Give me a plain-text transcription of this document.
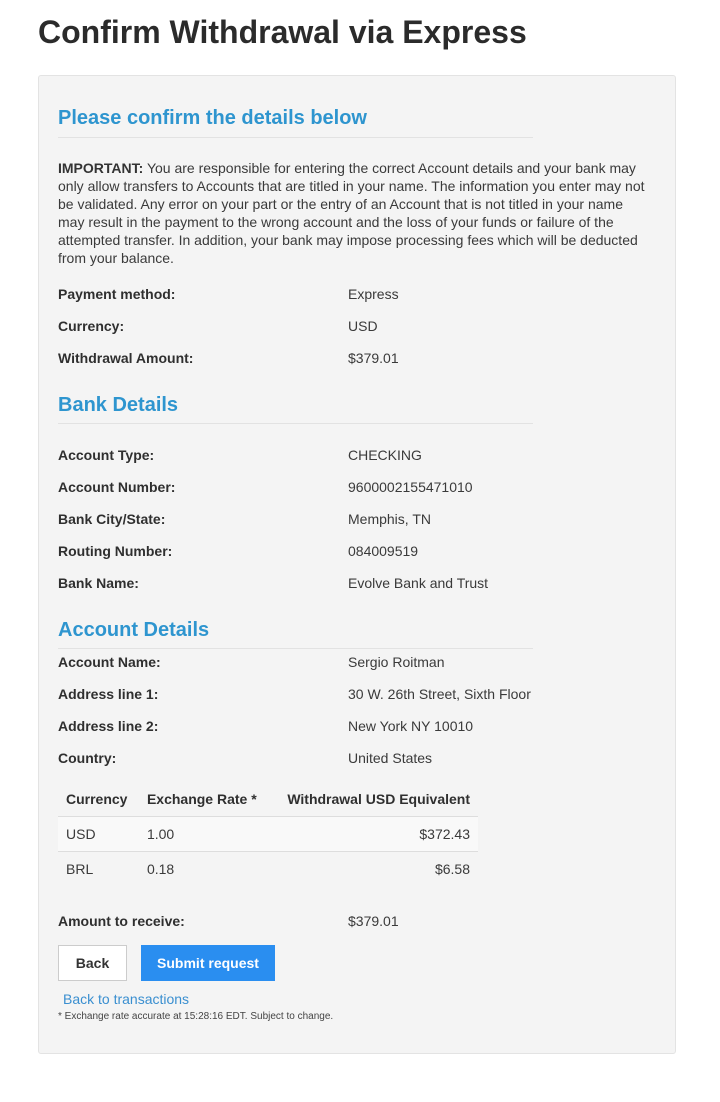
Confirm Withdrawal via Express
Please confirm the details below

IMPORTANT: You are responsible for entering the correct Account details and your bank may only allow transfers to Accounts that are titled in your name. The information you enter may not be validated. Any error on your part or the entry of an Account that is not titled in your name may result in the payment to the wrong account and the loss of your funds or failure of the attempted transfer. In addition, your bank may impose processing fees which will be deducted from your balance.

Payment method:	Express
Currency:	USD
Withdrawal Amount:	$379.01
Bank Details
Account Type:	CHECKING
Account Number:	9600002155471010
Bank City/State:	Memphis, TN
Routing Number:	084009519
Bank Name:	Evolve Bank and Trust
Account Details
Account Name:	Sergio Roitman
Address line 1:	30 W. 26th Street, Sixth Floor
Address line 2:	New York NY 10010
Country:	United States
Currency	Exchange Rate *	Withdrawal USD Equivalent
USD	1.00	$372.43
BRL	0.18	$6.58
Amount to receive:	$379.01
Back	Submit request
Back to transactions
* Exchange rate accurate at 15:28:16 EDT. Subject to change.
